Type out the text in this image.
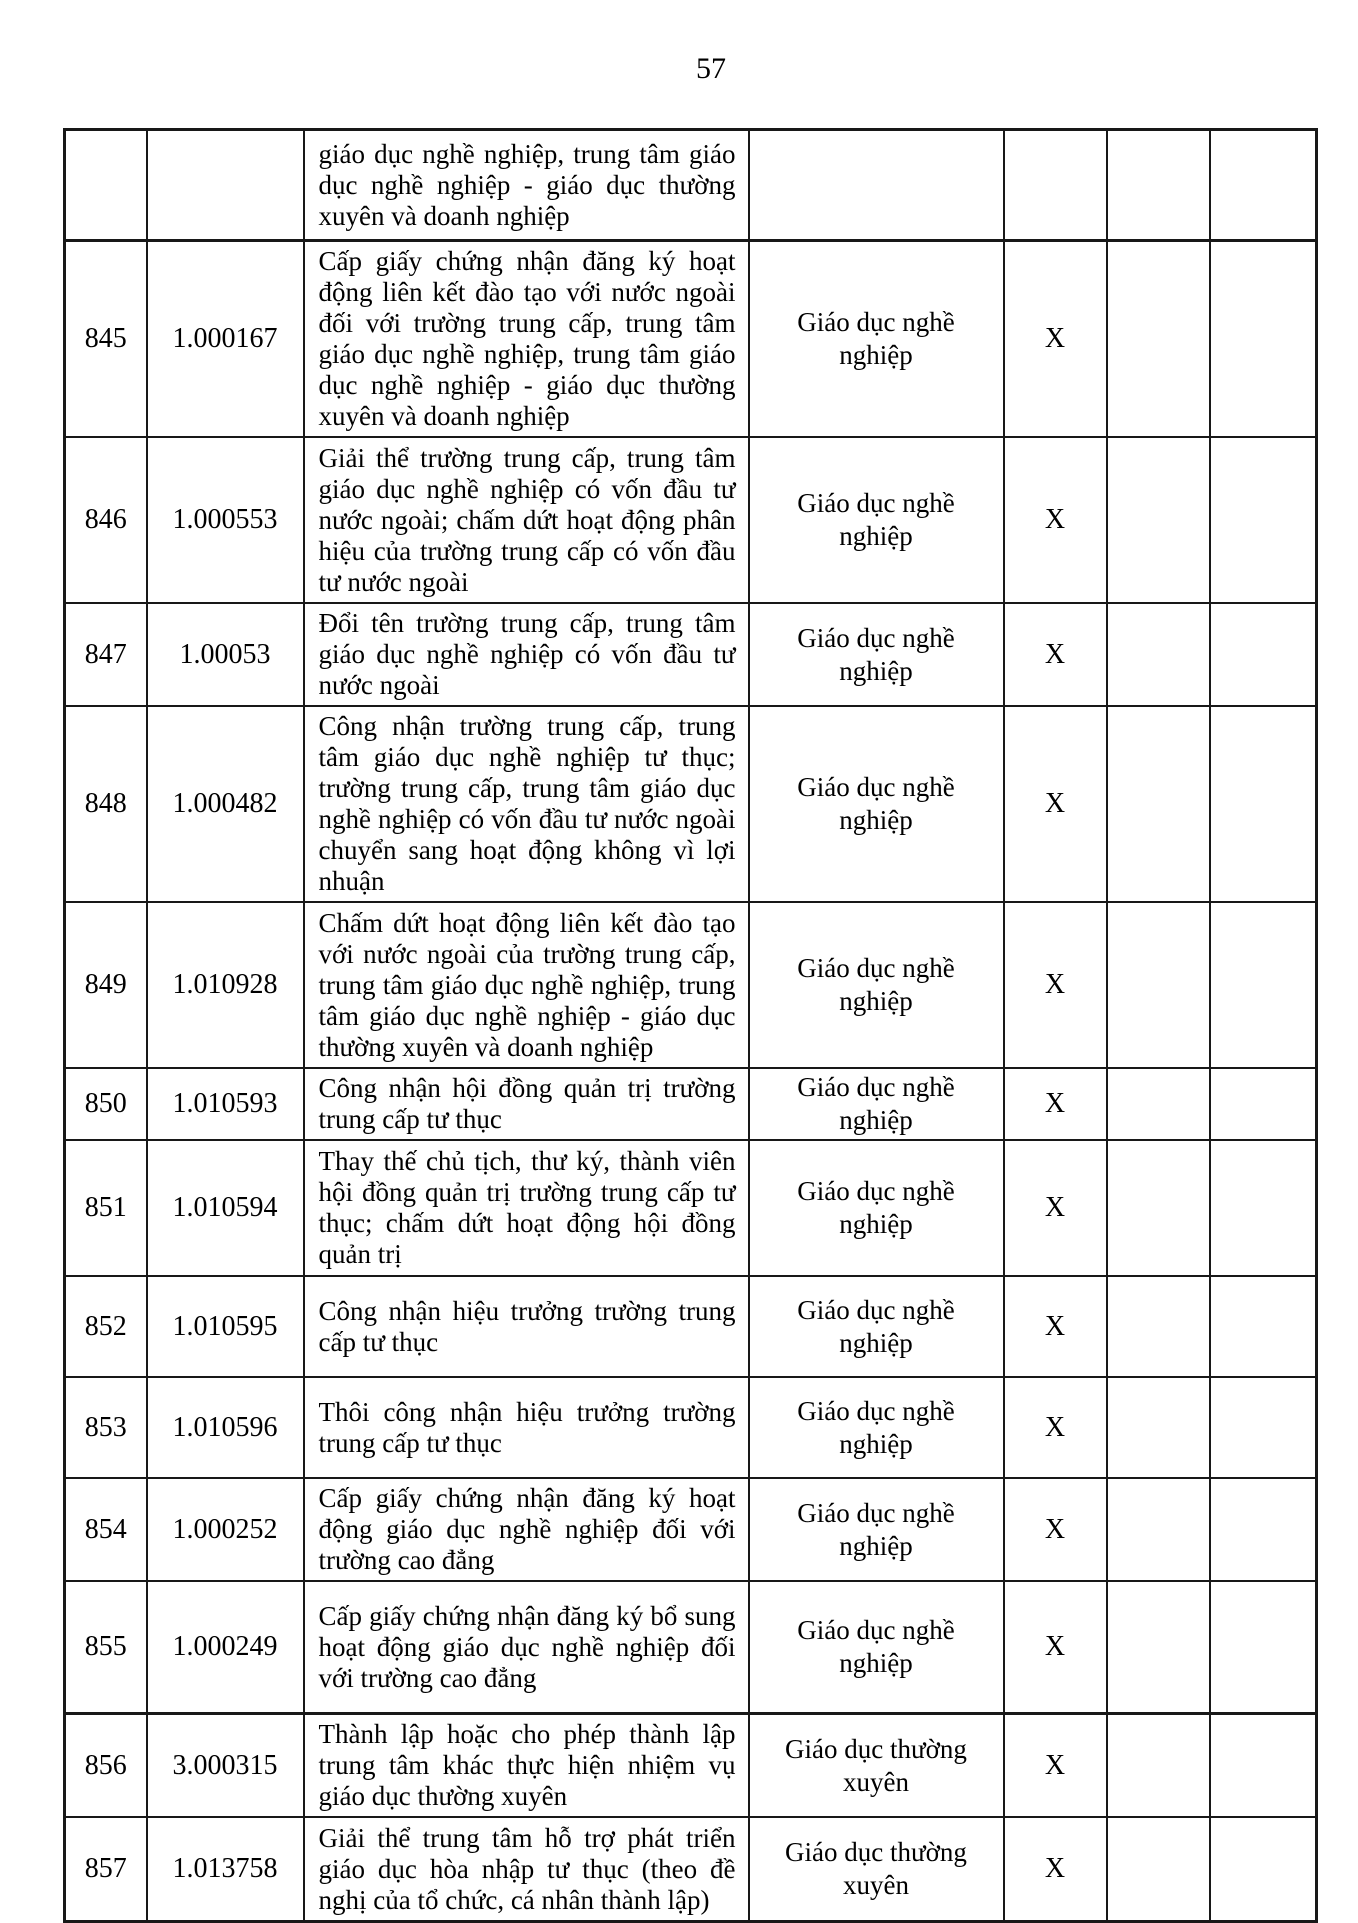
57
		giáo dục nghề nghiệp, trung tâm giáo dục nghề nghiệp - giáo dục thường xuyên và doanh nghiệp				
845	1.000167	Cấp giấy chứng nhận đăng ký hoạt động liên kết đào tạo với nước ngoài đối với trường trung cấp, trung tâm giáo dục nghề nghiệp, trung tâm giáo dục nghề nghiệp - giáo dục thường xuyên và doanh nghiệp	Giáo dục nghề nghiệp	X		
846	1.000553	Giải thể trường trung cấp, trung tâm giáo dục nghề nghiệp có vốn đầu tư nước ngoài; chấm dứt hoạt động phân hiệu của trường trung cấp có vốn đầu tư nước ngoài	Giáo dục nghề nghiệp	X		
847	1.00053	Đổi tên trường trung cấp, trung tâm giáo dục nghề nghiệp có vốn đầu tư nước ngoài	Giáo dục nghề nghiệp	X		
848	1.000482	Công nhận trường trung cấp, trung tâm giáo dục nghề nghiệp tư thục; trường trung cấp, trung tâm giáo dục nghề nghiệp có vốn đầu tư nước ngoài chuyển sang hoạt động không vì lợi nhuận	Giáo dục nghề nghiệp	X		
849	1.010928	Chấm dứt hoạt động liên kết đào tạo với nước ngoài của trường trung cấp, trung tâm giáo dục nghề nghiệp, trung tâm giáo dục nghề nghiệp - giáo dục thường xuyên và doanh nghiệp	Giáo dục nghề nghiệp	X		
850	1.010593	Công nhận hội đồng quản trị trường trung cấp tư thục	Giáo dục nghề nghiệp	X		
851	1.010594	Thay thế chủ tịch, thư ký, thành viên hội đồng quản trị trường trung cấp tư thục; chấm dứt hoạt động hội đồng quản trị	Giáo dục nghề nghiệp	X		
852	1.010595	Công nhận hiệu trưởng trường trung cấp tư thục	Giáo dục nghề nghiệp	X		
853	1.010596	Thôi công nhận hiệu trưởng trường trung cấp tư thục	Giáo dục nghề nghiệp	X		
854	1.000252	Cấp giấy chứng nhận đăng ký hoạt động giáo dục nghề nghiệp đối với trường cao đẳng	Giáo dục nghề nghiệp	X		
855	1.000249	Cấp giấy chứng nhận đăng ký bổ sung hoạt động giáo dục nghề nghiệp đối với trường cao đẳng	Giáo dục nghề nghiệp	X		
856	3.000315	Thành lập hoặc cho phép thành lập trung tâm khác thực hiện nhiệm vụ giáo dục thường xuyên	Giáo dục thường xuyên	X		
857	1.013758	Giải thể trung tâm hỗ trợ phát triển giáo dục hòa nhập tư thục (theo đề nghị của tổ chức, cá nhân thành lập)	Giáo dục thường xuyên	X		
